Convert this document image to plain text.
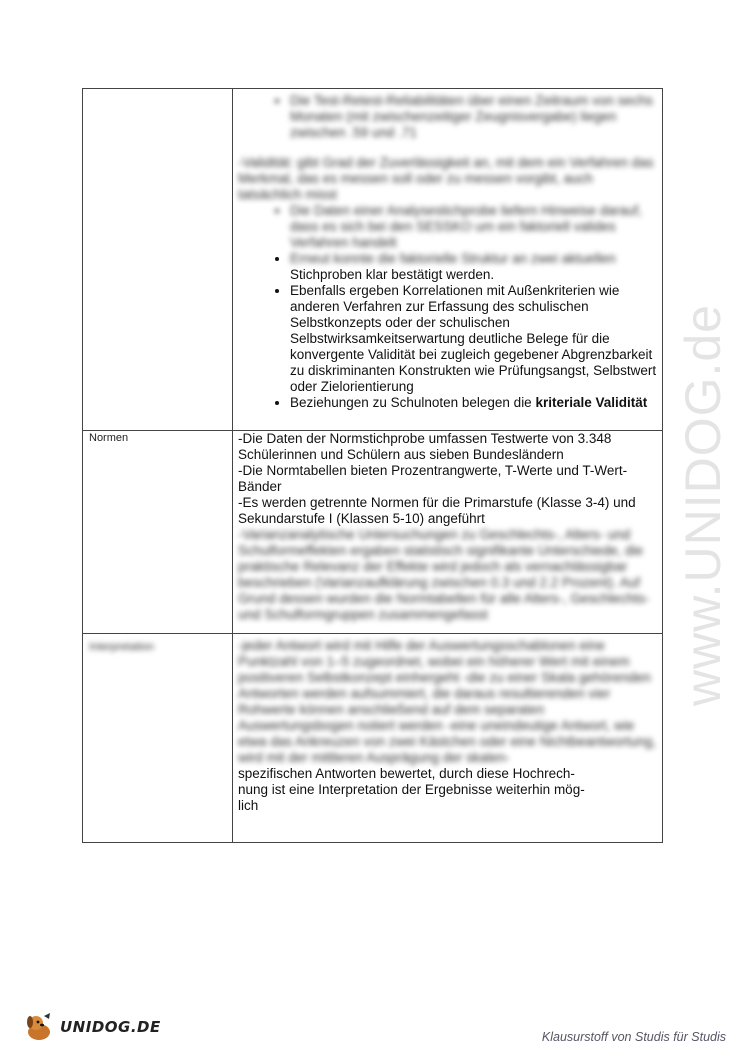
• Die Test-Retest-Reliabilitäten über einen Zeitraum von sechs Monaten (mit zwischenzeitiger Zeugnisvergabe) liegen zwischen .59 und .71

-Validität: gibt Grad der Zuverlässigkeit an, mit dem ein Verfahren das Merkmal, das es messen soll oder zu messen vorgibt, auch tatsächlich misst

• Die Daten einer Analysestichprobe liefern Hinweise darauf, dass es sich bei den SESSKO um ein faktoriell valides Verfahren handelt
• Erneut konnte die faktorielle Struktur an zwei aktuellen
Stichproben klar bestätigt werden.
• Ebenfalls ergeben Korrelationen mit Außenkriterien wie anderen Verfahren zur Erfassung des schulischen Selbstkonzepts oder der schulischen Selbstwirksamkeitserwartung deutliche Belege für die konvergente Validität bei zugleich gegebener Abgrenzbarkeit zu diskriminanten Konstrukten wie Prüfungsangst, Selbstwert oder Zielorientierung
• Beziehungen zu Schulnoten belegen die kriteriale Validität
Normen	-Die Daten der Normstichprobe umfassen Testwerte von 3.348 Schülerinnen und Schülern aus sieben Bundesländern

-Die Normtabellen bieten Prozentrangwerte, T-Werte und T-Wert-Bänder

-Es werden getrennte Normen für die Primarstufe (Klasse 3-4) und Sekundarstufe I (Klassen 5-10) angeführt

-Varianzanalytische Untersuchungen zu Geschlechts-, Alters- und Schulformeffekten ergaben statistisch signifikante Unterschiede, die praktische Relevanz der Effekte wird jedoch als vernachlässigbar beschrieben (Varianzaufklärung zwischen 0.3 und 2.2 Prozent). Auf Grund dessen wurden die Normtabellen für alle Alters-, Geschlechts- und Schulformgruppen zusammengefasst

Interpretation	-jeder Antwort wird mit Hilfe der Auswertungsschablonen eine Punktzahl von 1–5 zugeordnet, wobei ein höherer Wert mit einem positiveren Selbstkonzept einhergeht -die zu einer Skala gehörenden Antworten werden aufsummiert, die daraus resultierenden vier Rohwerte können anschließend auf dem separaten Auswertungsbogen notiert werden -eine uneindeutige Antwort, wie etwa das Ankreuzen von zwei Kästchen oder eine Nichtbeantwortung, wird mit der mittleren Ausprägung der skalen-

spezifischen Antworten bewertet, durch diese Hochrech-

nung ist eine Interpretation der Ergebnisse weiterhin mög-

lich

www.UNIDOG.de
UNIDOG.DE
Klausurstoff von Studis für Studis
